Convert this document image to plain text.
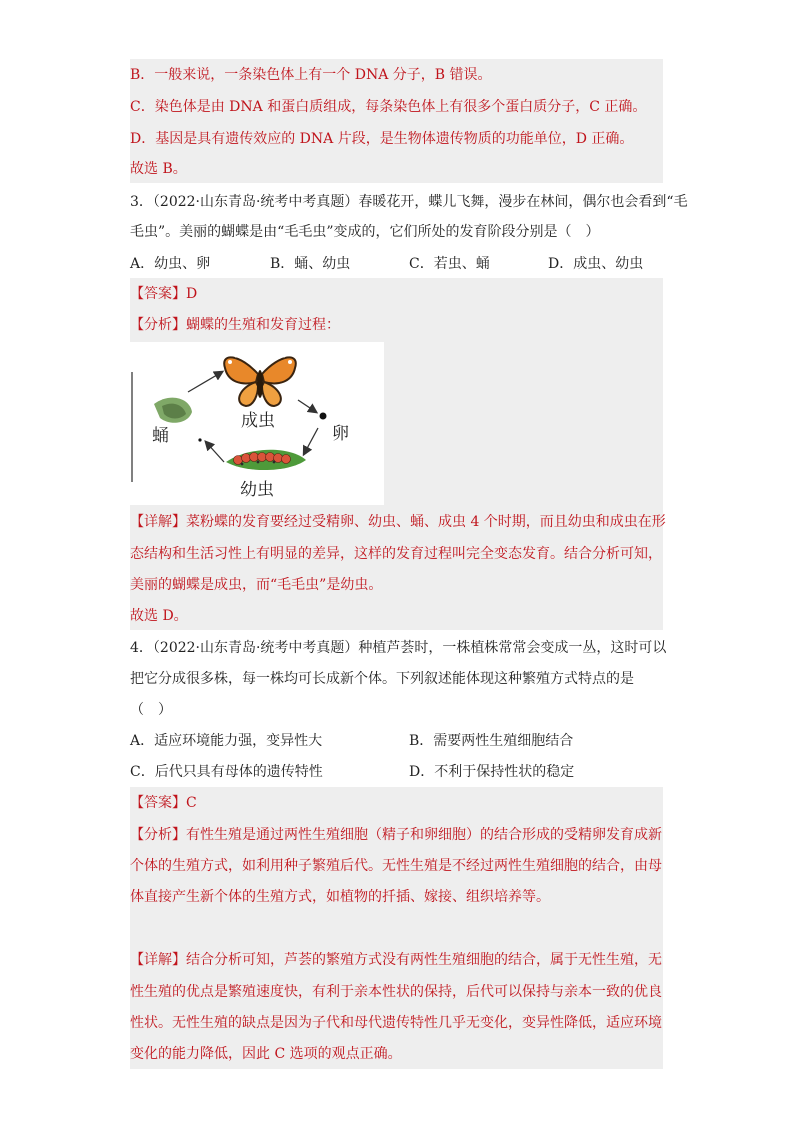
B．一般来说，一条染色体上有一个 DNA 分子，B 错误。
C．染色体是由 DNA 和蛋白质组成，每条染色体上有很多个蛋白质分子，C 正确。
D．基因是具有遗传效应的 DNA 片段，是生物体遗传物质的功能单位，D 正确。
故选 B。
3．（2022·山东青岛·统考中考真题）春暖花开，蝶儿飞舞，漫步在林间，偶尔也会看到“毛
毛虫”。美丽的蝴蝶是由“毛毛虫”变成的，它们所处的发育阶段分别是（　）
A．幼虫、卵	B．蛹、幼虫	C．若虫、蛹	D．成虫、幼虫
【答案】D
【分析】蝴蝶的生殖和发育过程：
【详解】菜粉蝶的发育要经过受精卵、幼虫、蛹、成虫 4 个时期，而且幼虫和成虫在形
态结构和生活习性上有明显的差异，这样的发育过程叫完全变态发育。结合分析可知，
美丽的蝴蝶是成虫，而“毛毛虫”是幼虫。
故选 D。
4．（2022·山东青岛·统考中考真题）种植芦荟时，一株植株常常会变成一丛，这时可以
把它分成很多株，每一株均可长成新个体。下列叙述能体现这种繁殖方式特点的是
（　）
A．适应环境能力强，变异性大	B．需要两性生殖细胞结合
C．后代只具有母体的遗传特性	D．不利于保持性状的稳定
【答案】C
【分析】有性生殖是通过两性生殖细胞（精子和卵细胞）的结合形成的受精卵发育成新
个体的生殖方式，如利用种子繁殖后代。无性生殖是不经过两性生殖细胞的结合，由母
体直接产生新个体的生殖方式，如植物的扦插、嫁接、组织培养等。
【详解】结合分析可知，芦荟的繁殖方式没有两性生殖细胞的结合，属于无性生殖，无
性生殖的优点是繁殖速度快，有利于亲本性状的保持，后代可以保持与亲本一致的优良
性状。无性生殖的缺点是因为子代和母代遗传特性几乎无变化，变异性降低，适应环境
变化的能力降低，因此 C 选项的观点正确。
成虫
卵
幼虫
蛹
